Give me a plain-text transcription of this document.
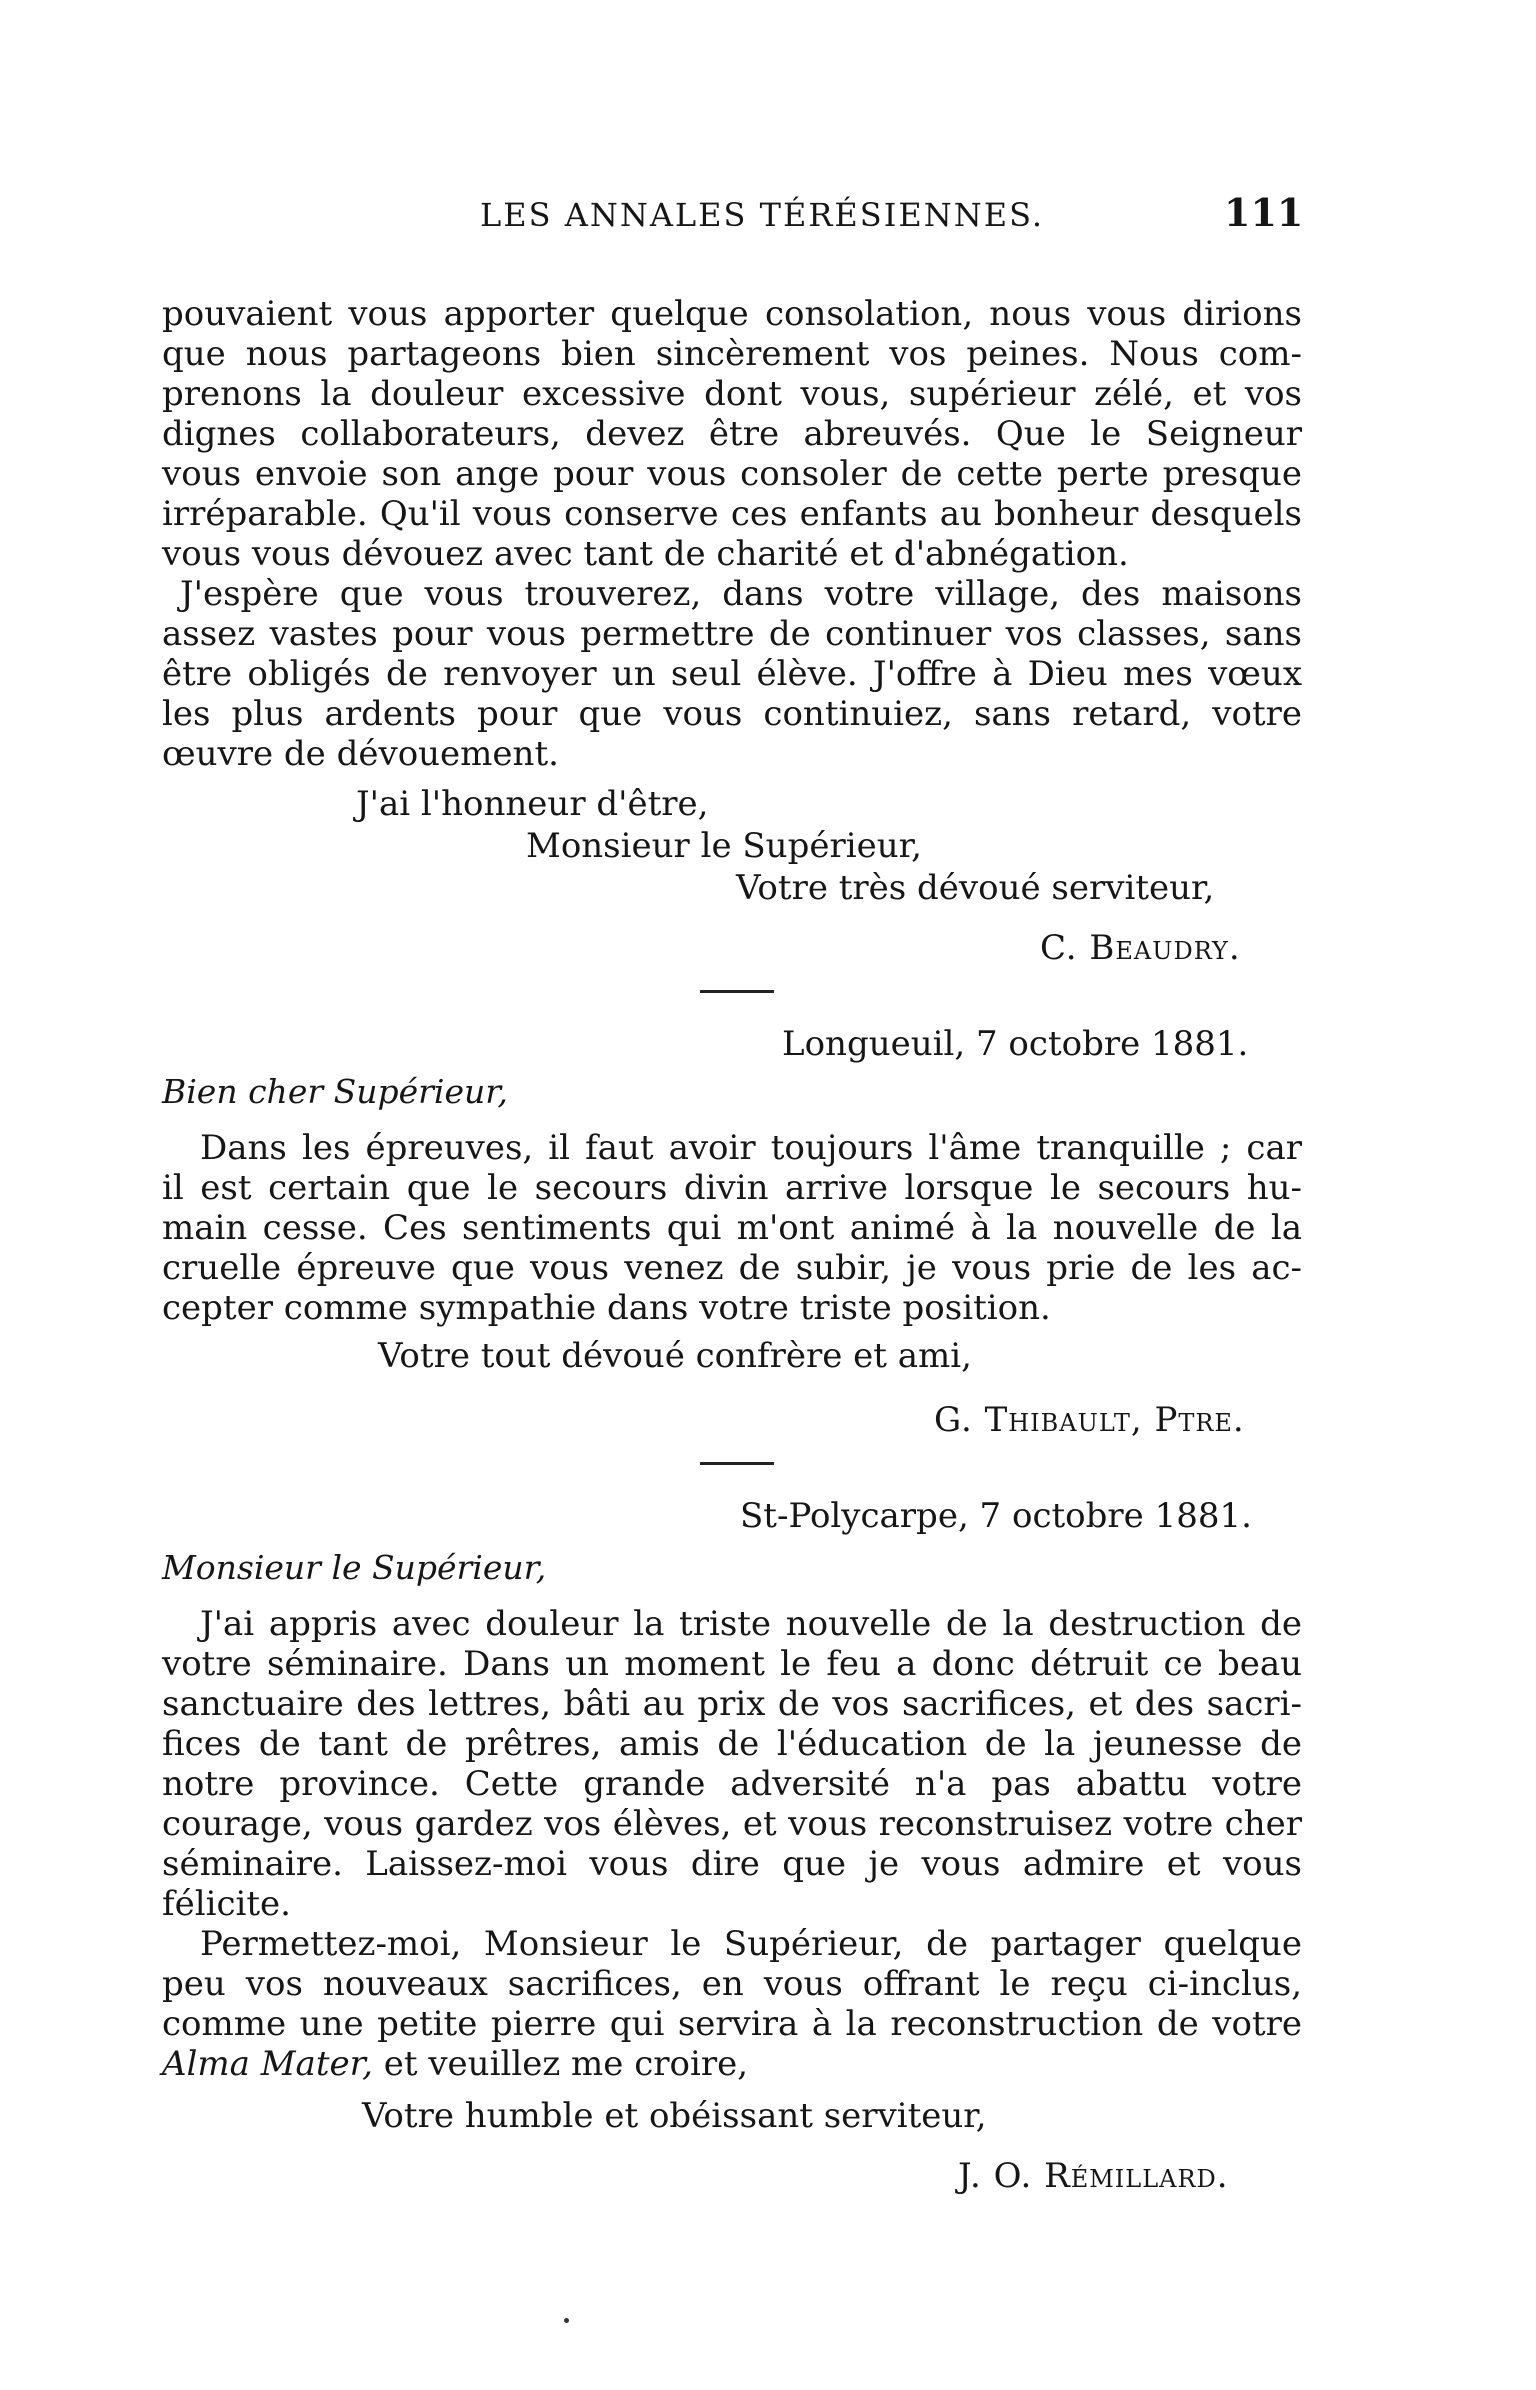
LES ANNALES TÉRÉSIENNES.	111
pouvaient vous apporter quelque consolation, nous vous dirions
que nous partageons bien sincèrement vos peines. Nous com-
prenons la douleur excessive dont vous, supérieur zélé, et vos
dignes collaborateurs, devez être abreuvés. Que le Seigneur
vous envoie son ange pour vous consoler de cette perte presque
irréparable. Qu'il vous conserve ces enfants au bonheur desquels
vous vous dévouez avec tant de charité et d'abnégation.
J'espère que vous trouverez, dans votre village, des maisons
assez vastes pour vous permettre de continuer vos classes, sans
être obligés de renvoyer un seul élève. J'offre à Dieu mes vœux
les plus ardents pour que vous continuiez, sans retard, votre
œuvre de dévouement.
J'ai l'honneur d'être,
Monsieur le Supérieur,
Votre très dévoué serviteur,
C. Beaudry.
Longueuil, 7 octobre 1881.
Bien cher Supérieur,
Dans les épreuves, il faut avoir toujours l'âme tranquille ; car
il est certain que le secours divin arrive lorsque le secours hu-
main cesse. Ces sentiments qui m'ont animé à la nouvelle de la
cruelle épreuve que vous venez de subir, je vous prie de les ac-
cepter comme sympathie dans votre triste position.
Votre tout dévoué confrère et ami,
G. Thibault, Ptre.
St-Polycarpe, 7 octobre 1881.
Monsieur le Supérieur,
J'ai appris avec douleur la triste nouvelle de la destruction de
votre séminaire. Dans un moment le feu a donc détruit ce beau
sanctuaire des lettres, bâti au prix de vos sacrifices, et des sacri-
fices de tant de prêtres, amis de l'éducation de la jeunesse de
notre province. Cette grande adversité n'a pas abattu votre
courage, vous gardez vos élèves, et vous reconstruisez votre cher
séminaire. Laissez-moi vous dire que je vous admire et vous
félicite.
Permettez-moi, Monsieur le Supérieur, de partager quelque
peu vos nouveaux sacrifices, en vous offrant le reçu ci-inclus,
comme une petite pierre qui servira à la reconstruction de votre
Alma Mater, et veuillez me croire,
Votre humble et obéissant serviteur,
J. O. Rémillard.
